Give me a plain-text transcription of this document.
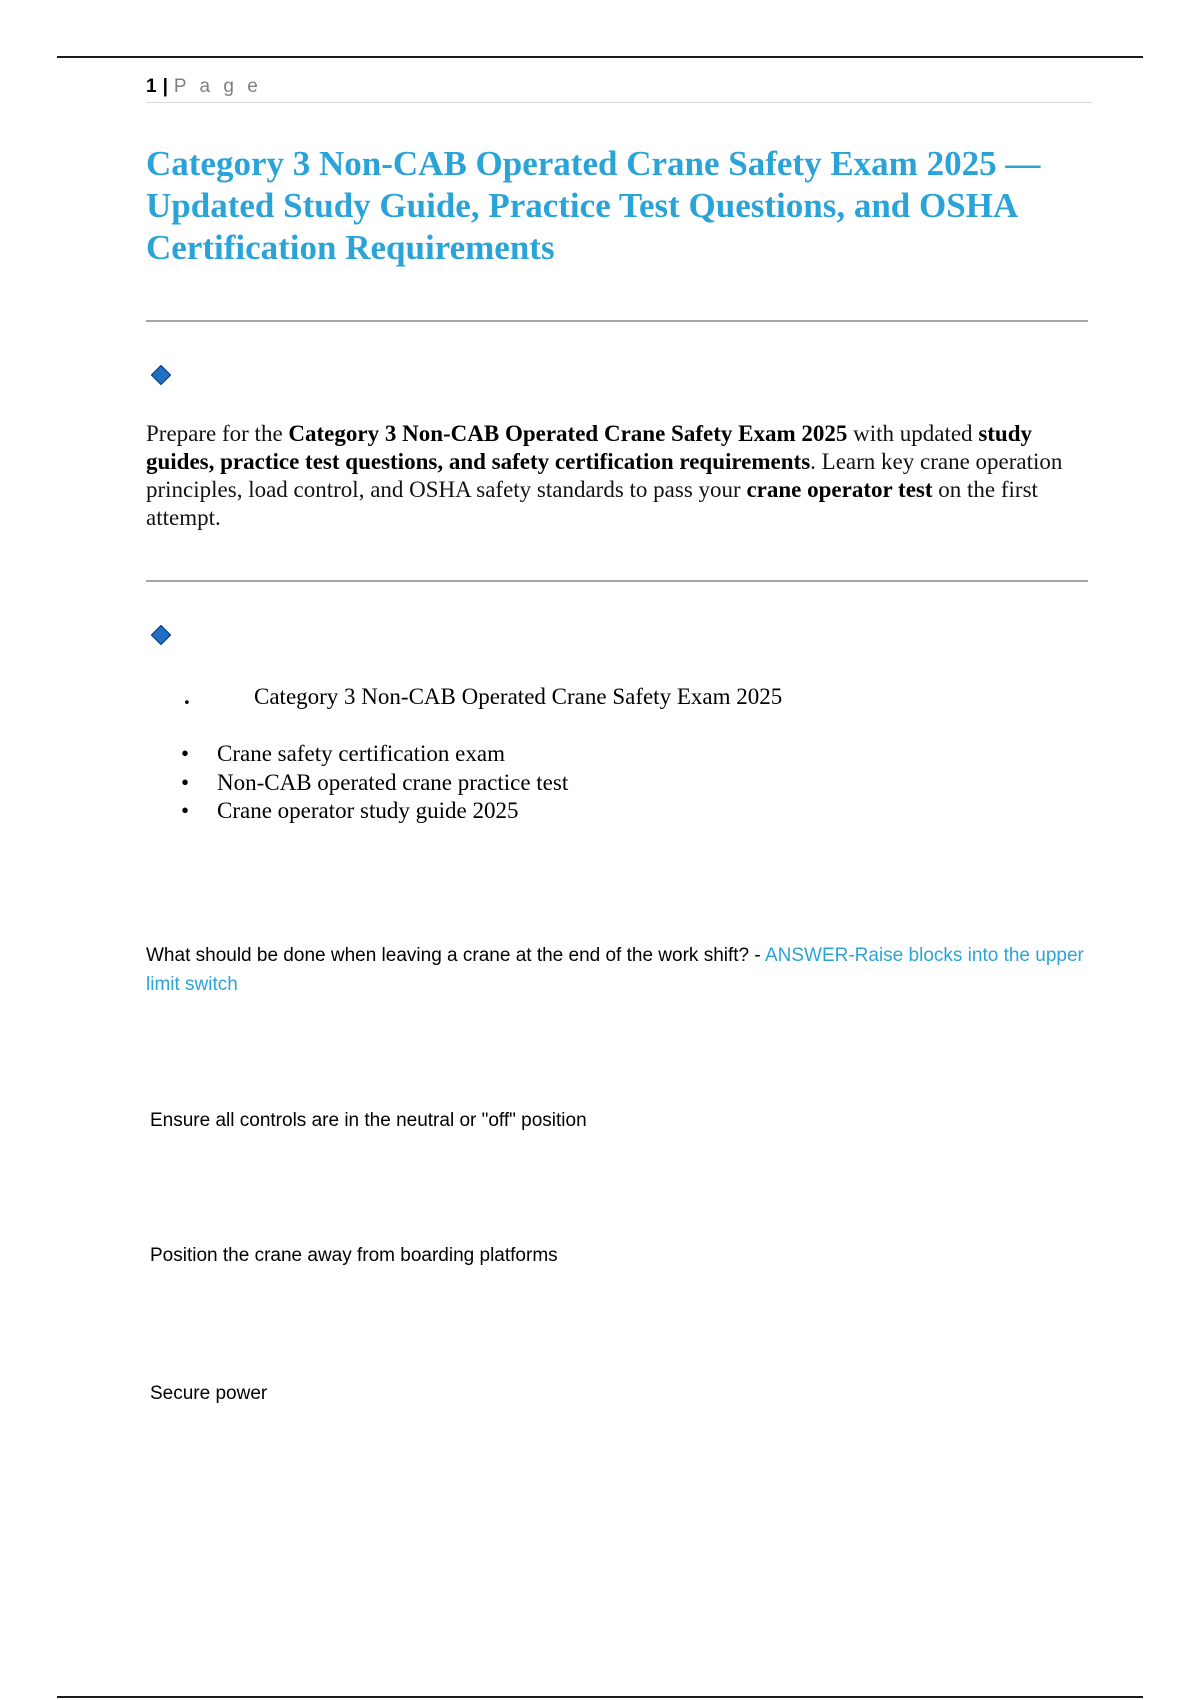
1 | P a g e
Category 3 Non-CAB Operated Crane Safety Exam 2025 — Updated Study Guide, Practice Test Questions, and OSHA Certification Requirements

Prepare for the Category 3 Non-CAB Operated Crane Safety Exam 2025 with updated study guides, practice test questions, and safety certification requirements. Learn key crane operation principles, load control, and OSHA safety standards to pass your crane operator test on the first attempt.

.	Category 3 Non-CAB Operated Crane Safety Exam 2025
• Crane safety certification exam
• Non-CAB operated crane practice test
• Crane operator study guide 2025

What should be done when leaving a crane at the end of the work shift? - ANSWER-Raise blocks into the upper limit switch

Ensure all controls are in the neutral or "off" position

Position the crane away from boarding platforms

Secure power
